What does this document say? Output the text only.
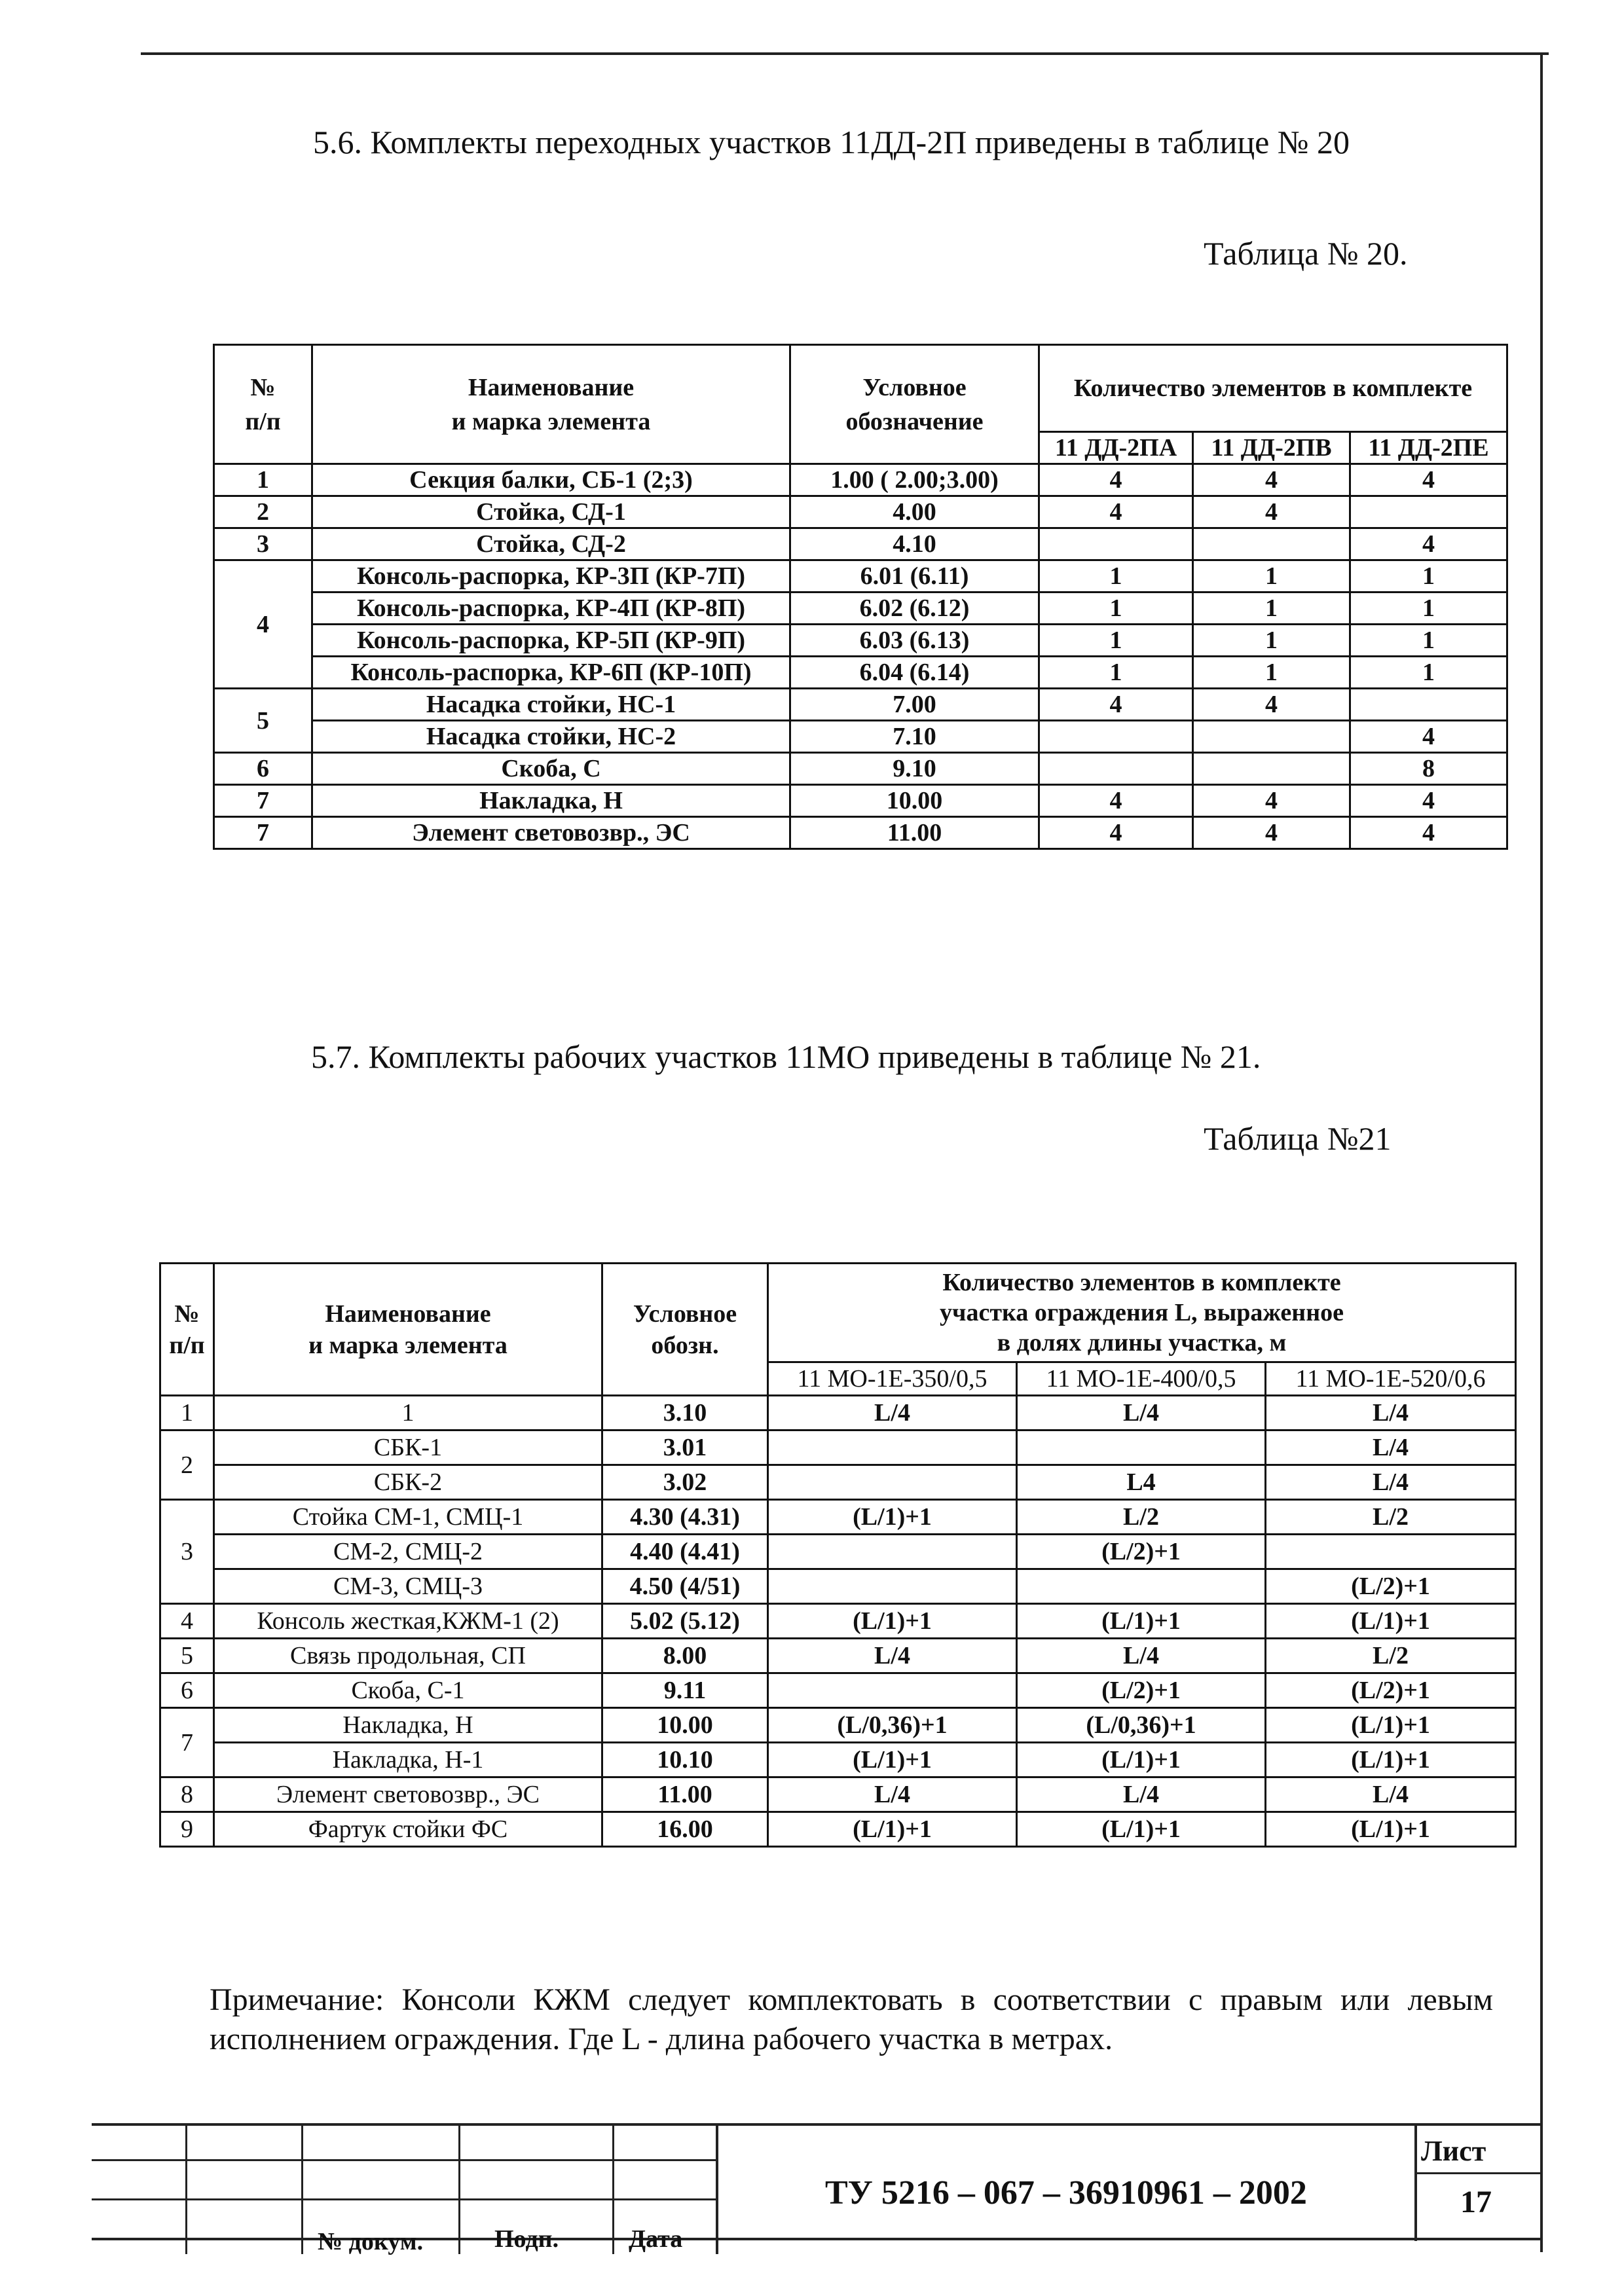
5.6. Комплекты переходных участков 11ДД-2П приведены в таблице № 20
Таблица № 20.
№
п/п	Наименование
и марка элемента	Условное
обозначение	Количество элементов в комплекте		
			11 ДД-2ПА	11 ДД-2ПВ	11 ДД-2ПЕ
1	Секция балки, СБ-1 (2;3)	1.00 ( 2.00;3.00)	4	4	4
2	Стойка, СД-1	4.00	4	4	
3	Стойка, СД-2	4.10			4
4	Консоль-распорка, КР-3П (КР-7П)	6.01 (6.11)	1	1	1
	Консоль-распорка, КР-4П (КР-8П)	6.02 (6.12)	1	1	1
	Консоль-распорка, КР-5П (КР-9П)	6.03 (6.13)	1	1	1
	Консоль-распорка, КР-6П (КР-10П)	6.04 (6.14)	1	1	1
5	Насадка стойки, НС-1	7.00	4	4	
	Насадка стойки, НС-2	7.10			4
6	Скоба, С	9.10			8
7	Накладка, Н	10.00	4	4	4
7	Элемент световозвр., ЭС	11.00	4	4	4
5.7. Комплекты рабочих участков 11МО приведены в таблице № 21.
Таблица №21
№
п/п	Наименование
и марка элемента	Условное
обозн.	Количество элементов в комплекте
участка ограждения L, выраженное
в долях длины участка, м		
			11 МО-1Е-350/0,5	11 МО-1Е-400/0,5	11 МО-1Е-520/0,6
1	1	3.10	L/4	L/4	L/4
2	СБК-1	3.01			L/4
	СБК-2	3.02		L4	L/4
3	Стойка СМ-1, СМЦ-1	4.30 (4.31)	(L/1)+1	L/2	L/2
	СМ-2, СМЦ-2	4.40 (4.41)		(L/2)+1	
	СМ-3, СМЦ-3	4.50 (4/51)			(L/2)+1
4	Консоль жесткая,КЖМ-1 (2)	5.02 (5.12)	(L/1)+1	(L/1)+1	(L/1)+1
5	Связь продольная, СП	8.00	L/4	L/4	L/2
6	Скоба, С-1	9.11		(L/2)+1	(L/2)+1
7	Накладка, Н	10.00	(L/0,36)+1	(L/0,36)+1	(L/1)+1
	Накладка, Н-1	10.10	(L/1)+1	(L/1)+1	(L/1)+1
8	Элемент световозвр., ЭС	11.00	L/4	L/4	L/4
9	Фартук стойки ФС	16.00	(L/1)+1	(L/1)+1	(L/1)+1
Примечание: Консоли КЖМ следует комплектовать в соответствии с правым или левым исполнением ограждения. Где L - длина рабочего участка в метрах.
№ докум.	Подп.	Дата
ТУ 5216 – 067 – 36910961 – 2002
Лист
17
